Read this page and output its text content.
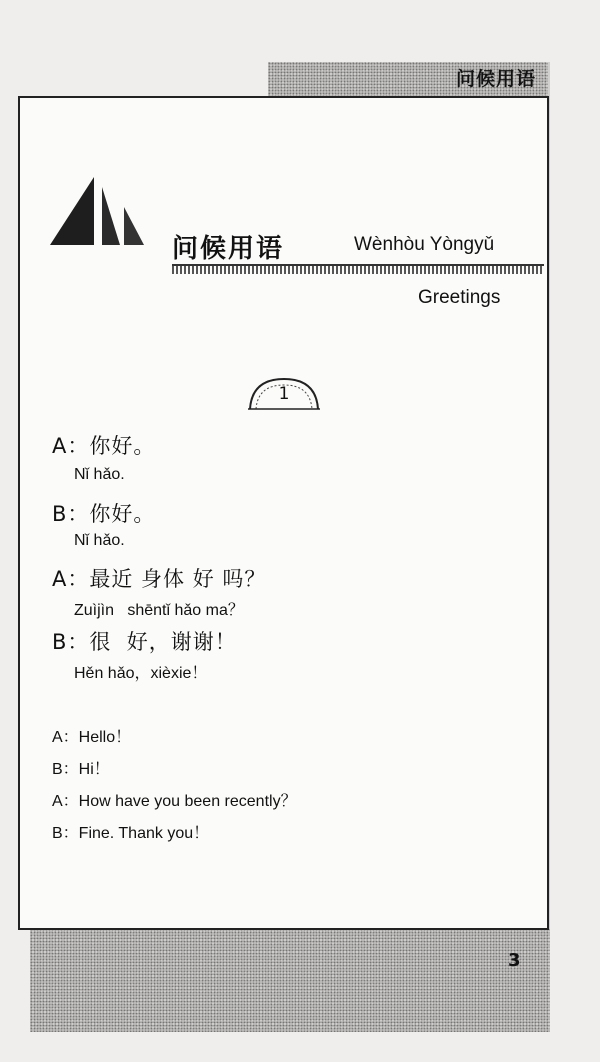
问候用语
问候用语	Wènhòu Yòngyǔ
Greetings
1
A：你好。
Nǐ hǎo.
B：你好。
Nǐ hǎo.
A：最近 身体 好 吗？
Zuìjìn   shēntǐ hǎo ma？
B：很  好，谢谢！
Hěn hǎo，xièxie！
A：Hello！
B：Hi！
A：How have you been recently？
B：Fine. Thank you！
3
